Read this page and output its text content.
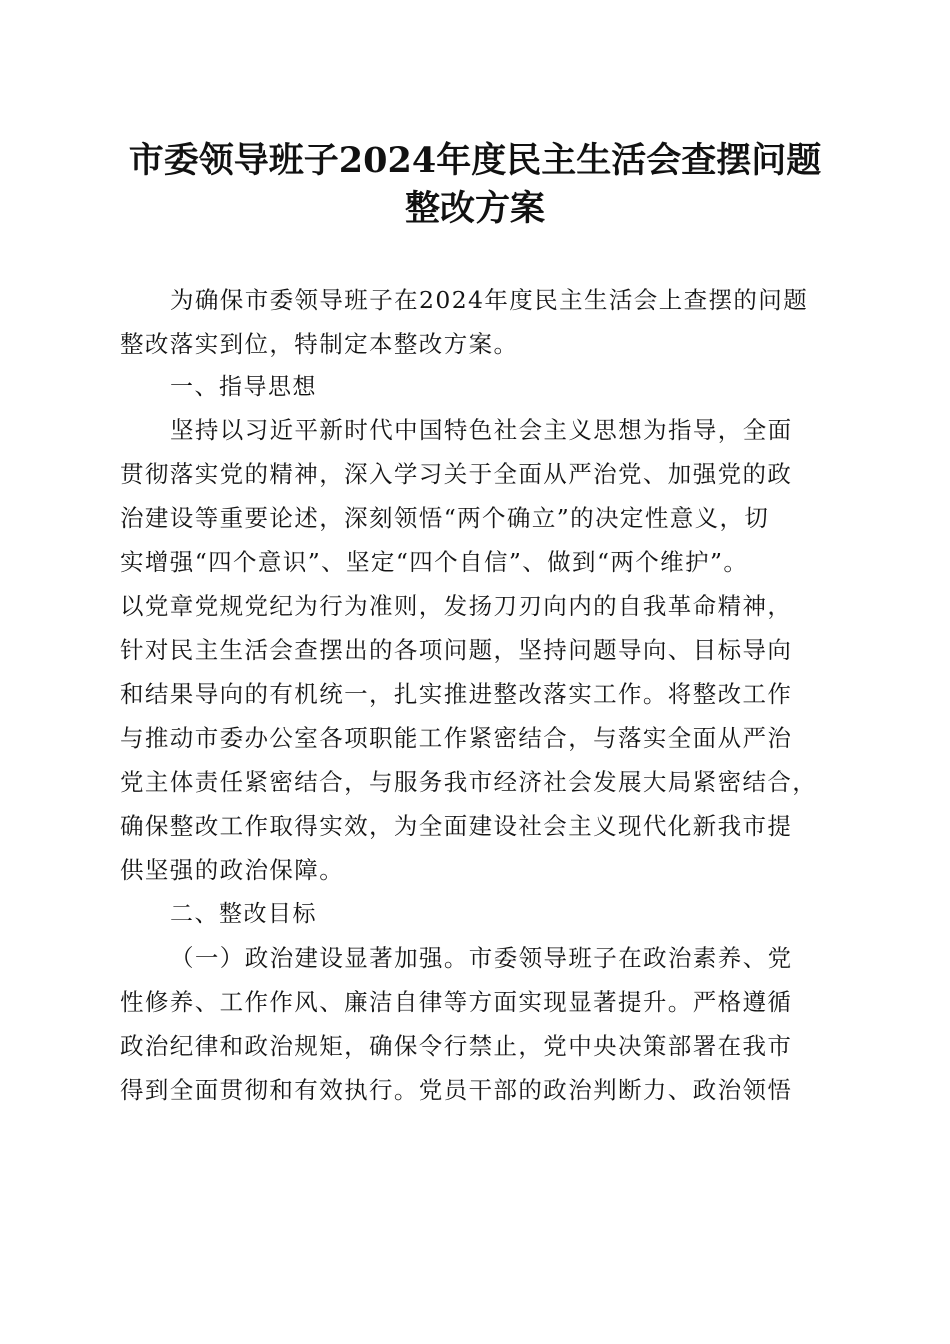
市委领导班子2024年度民主生活会查摆问题
整改方案
为确保市委领导班子在2024年度民主生活会上查摆的问题
整改落实到位，特制定本整改方案。
一、指导思想
坚持以习近平新时代中国特色社会主义思想为指导，全面
贯彻落实党的精神，深入学习关于全面从严治党、加强党的政
治建设等重要论述，深刻领悟“两个确立”的决定性意义，切
实增强“四个意识”、坚定“四个自信”、做到“两个维护”。
以党章党规党纪为行为准则，发扬刀刃向内的自我革命精神，
针对民主生活会查摆出的各项问题，坚持问题导向、目标导向
和结果导向的有机统一，扎实推进整改落实工作。将整改工作
与推动市委办公室各项职能工作紧密结合，与落实全面从严治
党主体责任紧密结合，与服务我市经济社会发展大局紧密结合，
确保整改工作取得实效，为全面建设社会主义现代化新我市提
供坚强的政治保障。
二、整改目标
（一）政治建设显著加强。市委领导班子在政治素养、党
性修养、工作作风、廉洁自律等方面实现显著提升。严格遵循
政治纪律和政治规矩，确保令行禁止，党中央决策部署在我市
得到全面贯彻和有效执行。党员干部的政治判断力、政治领悟
